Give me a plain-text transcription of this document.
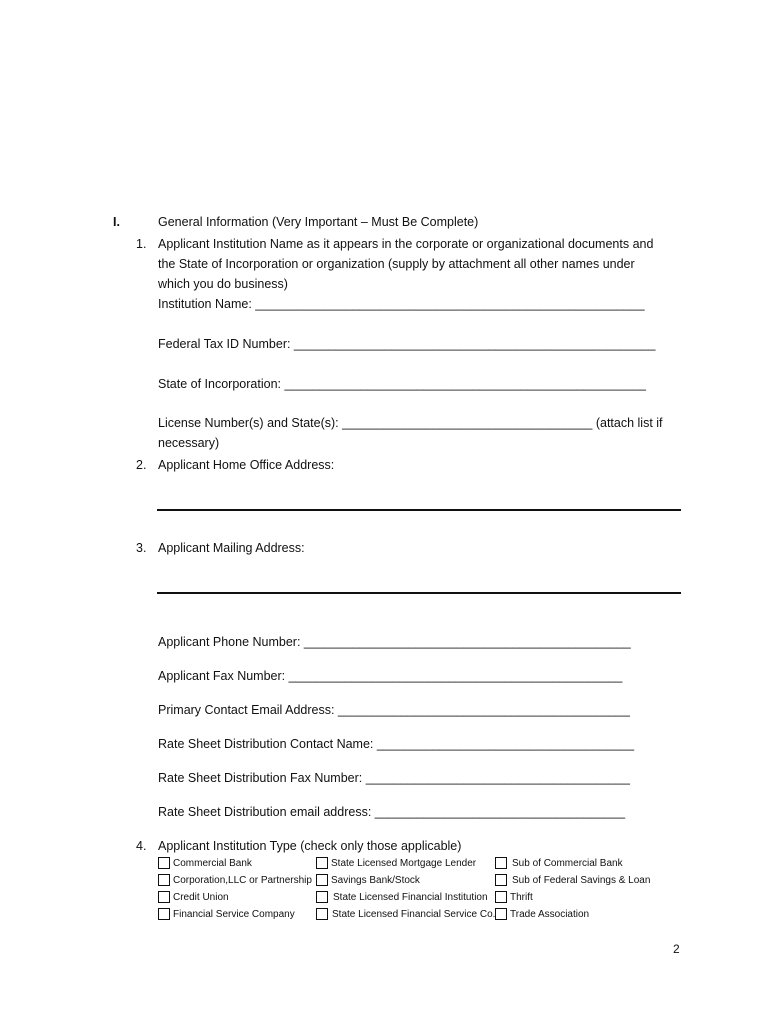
I.	General Information (Very Important – Must Be Complete)
1. Applicant Institution Name as it appears in the corporate or organizational documents and
the State of Incorporation or organization (supply by attachment all other names under
which you do business)
Institution Name: ________________________________________________________
Federal Tax ID Number: ____________________________________________________
State of Incorporation: ____________________________________________________
License Number(s) and State(s): ____________________________________ (attach list if
necessary)
2. Applicant Home Office Address:
3. Applicant Mailing Address:
Applicant Phone Number: _______________________________________________
Applicant Fax Number: ________________________________________________
Primary Contact Email Address: __________________________________________
Rate Sheet Distribution Contact Name: _____________________________________
Rate Sheet Distribution Fax Number: ______________________________________
Rate Sheet Distribution email address: ____________________________________
4. Applicant Institution Type (check only those applicable)
Commercial Bank
Corporation,LLC or Partnership
Credit Union
Financial Service Company
State Licensed Mortgage Lender
Savings Bank/Stock
State Licensed Financial Institution
State Licensed Financial Service Co.
Sub of Commercial Bank
Sub of Federal Savings & Loan
Thrift
Trade Association
2
